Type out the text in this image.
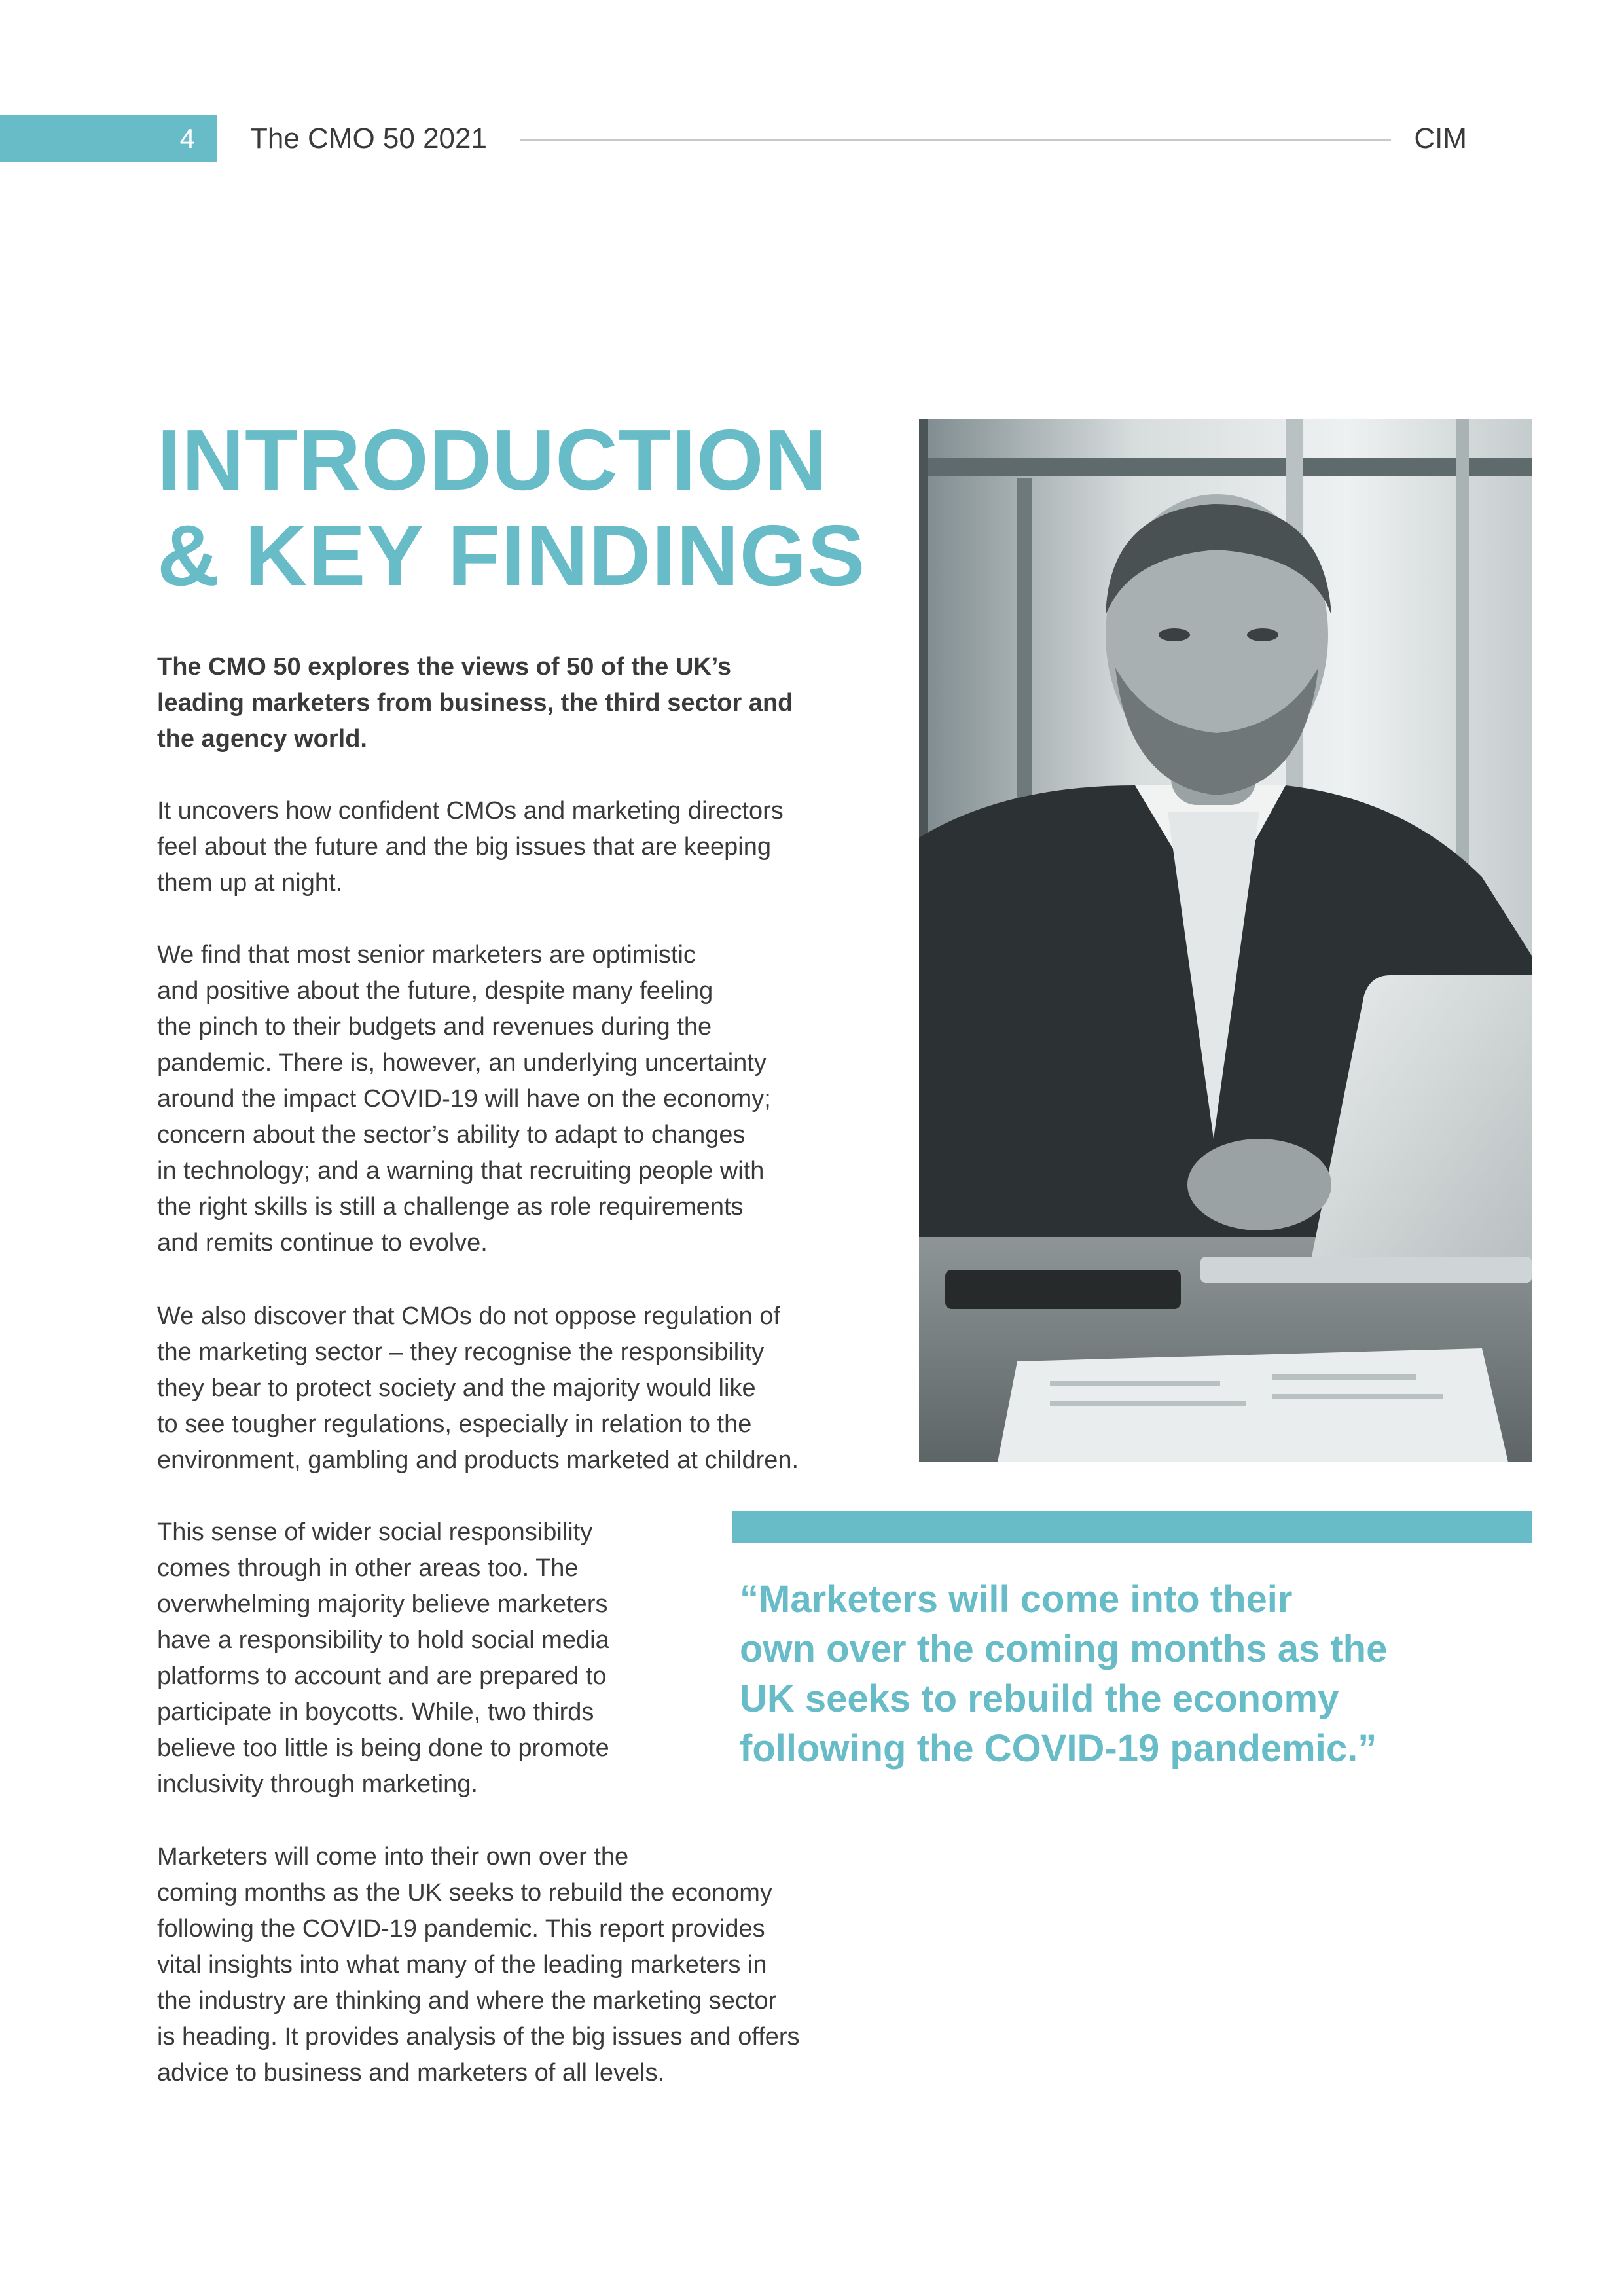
4 The CMO 50 2021	CIM
INTRODUCTION
& KEY FINDINGS

The CMO 50 explores the views of 50 of the UK’s
leading marketers from business, the third sector and
the agency world.

It uncovers how confident CMOs and marketing directors
feel about the future and the big issues that are keeping
them up at night.

We find that most senior marketers are optimistic
and positive about the future, despite many feeling
the pinch to their budgets and revenues during the
pandemic. There is, however, an underlying uncertainty
around the impact COVID-19 will have on the economy;
concern about the sector’s ability to adapt to changes
in technology; and a warning that recruiting people with
the right skills is still a challenge as role requirements
and remits continue to evolve.

We also discover that CMOs do not oppose regulation of
the marketing sector – they recognise the responsibility
they bear to protect society and the majority would like
to see tougher regulations, especially in relation to the
environment, gambling and products marketed at children.

This sense of wider social responsibility
comes through in other areas too. The
overwhelming majority believe marketers
have a responsibility to hold social media
platforms to account and are prepared to
participate in boycotts. While, two thirds
believe too little is being done to promote
inclusivity through marketing.

Marketers will come into their own over the
coming months as the UK seeks to rebuild the economy
following the COVID-19 pandemic. This report provides
vital insights into what many of the leading marketers in
the industry are thinking and where the marketing sector
is heading. It provides analysis of the big issues and offers
advice to business and marketers of all levels.

“Marketers will come into their
own over the coming months as the
UK seeks to rebuild the economy
following the COVID-19 pandemic.”
